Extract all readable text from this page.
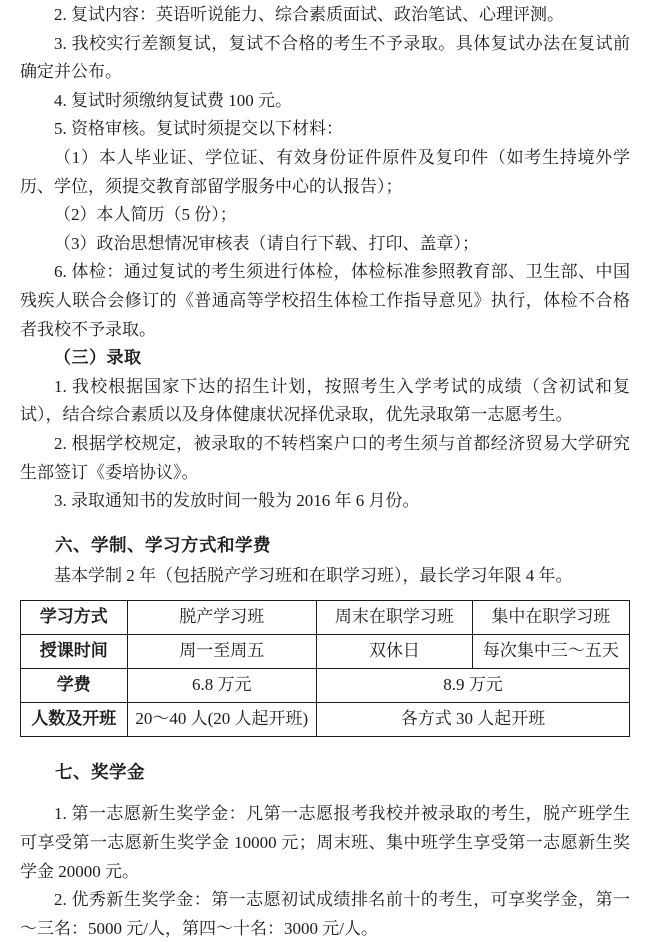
2. 复试内容：英语听说能力、综合素质面试、政治笔试、心理评测。

3. 我校实行差额复试，复试不合格的考生不予录取。具体复试办法在复试前确定并公布。

4. 复试时须缴纳复试费 100 元。

5. 资格审核。复试时须提交以下材料：

（1）本人毕业证、学位证、有效身份证件原件及复印件（如考生持境外学历、学位，须提交教育部留学服务中心的认报告）；

（2）本人简历（5 份）；

（3）政治思想情况审核表（请自行下载、打印、盖章）；

6. 体检：通过复试的考生须进行体检，体检标准参照教育部、卫生部、中国残疾人联合会修订的《普通高等学校招生体检工作指导意见》执行，体检不合格者我校不予录取。

（三）录取

1. 我校根据国家下达的招生计划，按照考生入学考试的成绩（含初试和复试），结合综合素质以及身体健康状况择优录取，优先录取第一志愿考生。

2. 根据学校规定，被录取的不转档案户口的考生须与首都经济贸易大学研究生部签订《委培协议》。

3. 录取通知书的发放时间一般为 2016 年 6 月份。

六、学制、学习方式和学费

基本学制 2 年（包括脱产学习班和在职学习班），最长学习年限 4 年。

学习方式	脱产学习班	周末在职学习班	集中在职学习班
授课时间	周一至周五	双休日	每次集中三～五天
学费	6.8 万元	8.9 万元	
人数及开班	20～40 人(20 人起开班)	各方式 30 人起开班	

七、奖学金

1. 第一志愿新生奖学金：凡第一志愿报考我校并被录取的考生，脱产班学生可享受第一志愿新生奖学金 10000 元；周末班、集中班学生享受第一志愿新生奖学金 20000 元。

2. 优秀新生奖学金：第一志愿初试成绩排名前十的考生，可享奖学金，第一～三名：5000 元/人，第四～十名：3000 元/人。
